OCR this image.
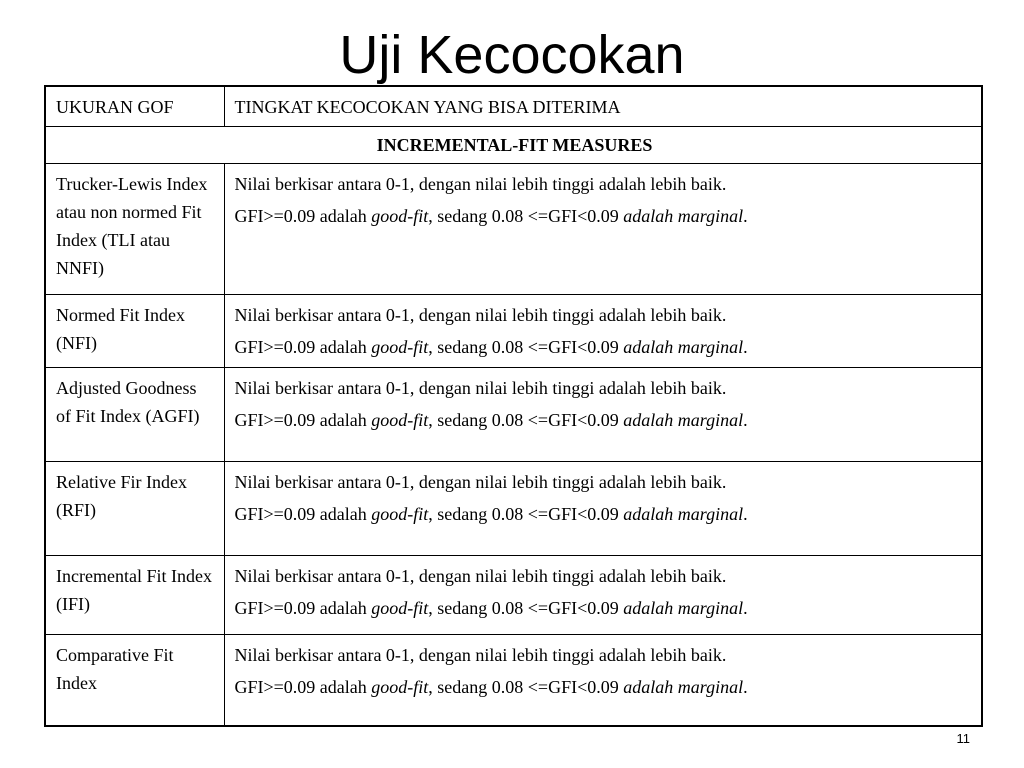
Uji Kecocokan
UKURAN GOF	TINGKAT KECOCOKAN YANG BISA DITERIMA
INCREMENTAL-FIT MEASURES	
Trucker-Lewis Index atau non normed Fit Index (TLI atau NNFI)	Nilai berkisar antara 0-1, dengan nilai lebih tinggi adalah lebih baik.
GFI>=0.09 adalah good-fit, sedang 0.08 <=GFI<0.09 adalah marginal.

Normed Fit Index (NFI)	Nilai berkisar antara 0-1, dengan nilai lebih tinggi adalah lebih baik.
GFI>=0.09 adalah good-fit, sedang 0.08 <=GFI<0.09 adalah marginal.

Adjusted Goodness of Fit Index (AGFI)	Nilai berkisar antara 0-1, dengan nilai lebih tinggi adalah lebih baik.
GFI>=0.09 adalah good-fit, sedang 0.08 <=GFI<0.09 adalah marginal.

Relative Fir Index (RFI)	Nilai berkisar antara 0-1, dengan nilai lebih tinggi adalah lebih baik.
GFI>=0.09 adalah good-fit, sedang 0.08 <=GFI<0.09 adalah marginal.

Incremental Fit Index (IFI)	Nilai berkisar antara 0-1, dengan nilai lebih tinggi adalah lebih baik.
GFI>=0.09 adalah good-fit, sedang 0.08 <=GFI<0.09 adalah marginal.

Comparative Fit Index	Nilai berkisar antara 0-1, dengan nilai lebih tinggi adalah lebih baik.
GFI>=0.09 adalah good-fit, sedang 0.08 <=GFI<0.09 adalah marginal.
11
